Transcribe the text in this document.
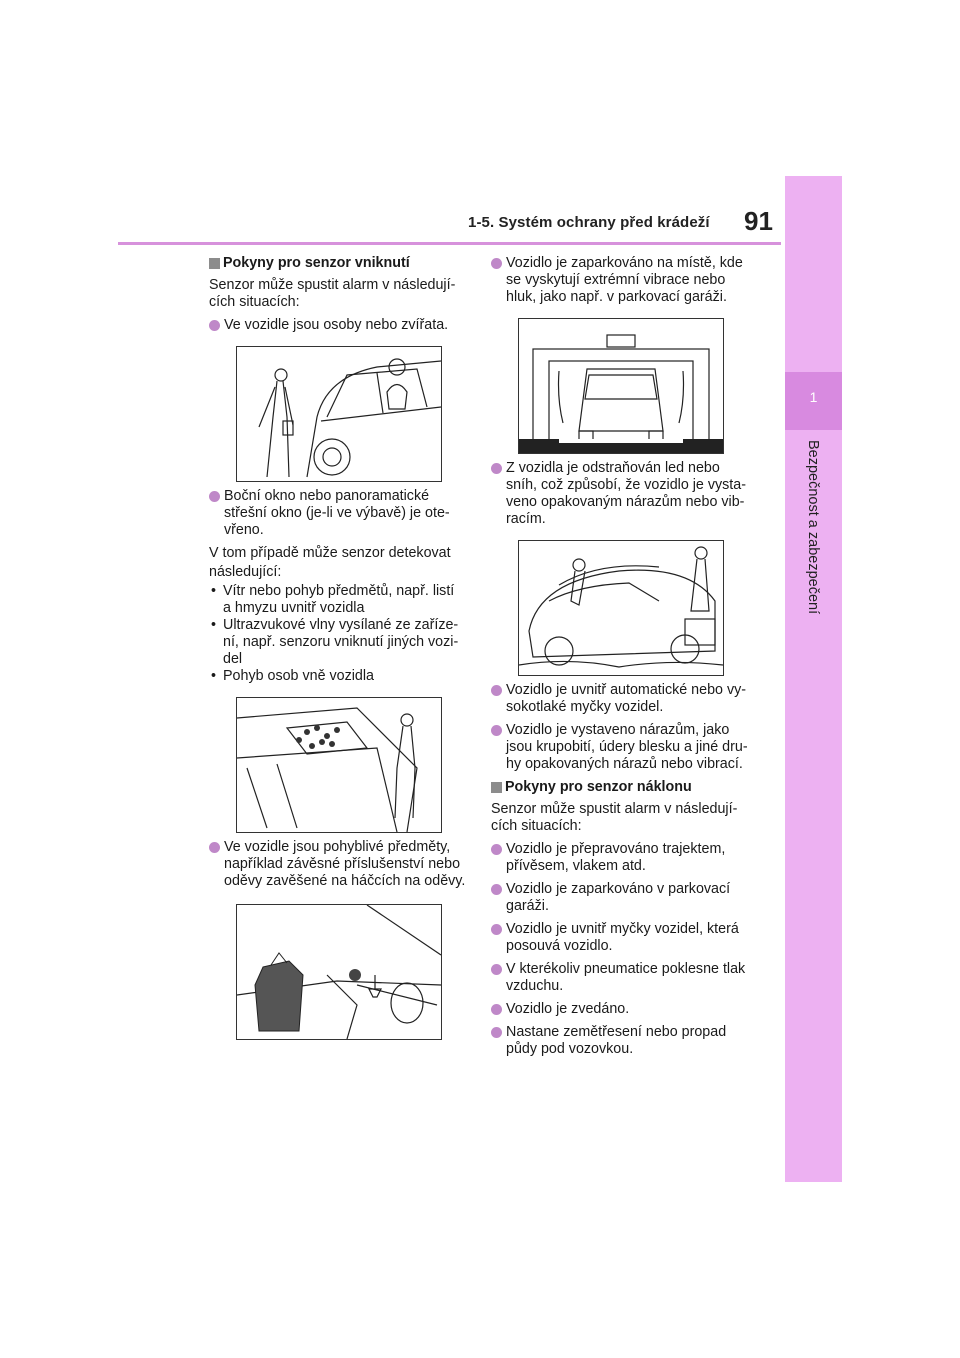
1-5. Systém ochrany před krádeží 91
1
Bezpečnost a zabezpečení
Pokyny pro senzor vniknutí
Senzor může spustit alarm v následují-
cích situacích:
Ve vozidle jsou osoby nebo zvířata.
Boční okno nebo panoramatické
střešní okno (je-li ve výbavě) je ote-
vřeno.
V tom případě může senzor detekovat
následující:
• Vítr nebo pohyb předmětů, např. listí
a hmyzu uvnitř vozidla
• Ultrazvukové vlny vysílané ze zaříze-
ní, např. senzoru vniknutí jiných vozi-
del
• Pohyb osob vně vozidla
Ve vozidle jsou pohyblivé předměty,
například závěsné příslušenství nebo
oděvy zavěšené na háčcích na oděvy.
Vozidlo je zaparkováno na místě, kde
se vyskytují extrémní vibrace nebo
hluk, jako např. v parkovací garáži.
Z vozidla je odstraňován led nebo
sníh, což způsobí, že vozidlo je vysta-
veno opakovaným nárazům nebo vib-
racím.
Vozidlo je uvnitř automatické nebo vy-
sokotlaké myčky vozidel.
Vozidlo je vystaveno nárazům, jako
jsou krupobití, údery blesku a jiné dru-
hy opakovaných nárazů nebo vibrací.
Pokyny pro senzor náklonu
Senzor může spustit alarm v následují-
cích situacích:
Vozidlo je přepravováno trajektem,
přívěsem, vlakem atd.
Vozidlo je zaparkováno v parkovací
garáži.
Vozidlo je uvnitř myčky vozidel, která
posouvá vozidlo.
V kterékoliv pneumatice poklesne tlak
vzduchu.
Vozidlo je zvedáno.
Nastane zemětřesení nebo propad
půdy pod vozovkou.
